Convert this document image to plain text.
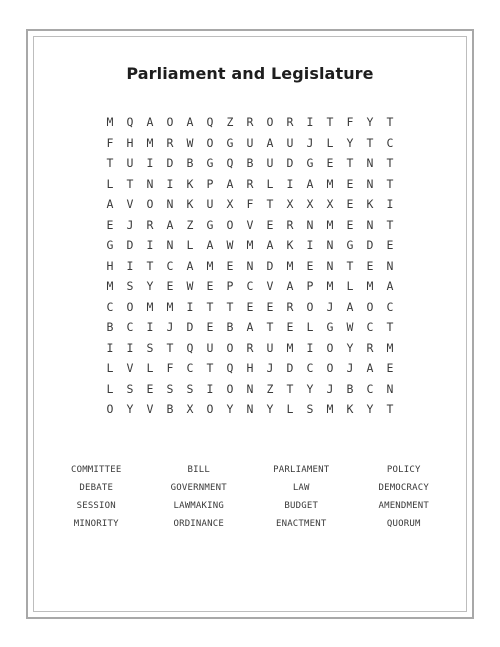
Parliament and Legislature
M	Q	A	O	A	Q	Z	R	O	R	I	T	F	Y	T
F	H	M	R	W	O	G	U	A	U	J	L	Y	T	C
T	U	I	D	B	G	Q	B	U	D	G	E	T	N	T
L	T	N	I	K	P	A	R	L	I	A	M	E	N	T
A	V	O	N	K	U	X	F	T	X	X	X	E	K	I
E	J	R	A	Z	G	O	V	E	R	N	M	E	N	T
G	D	I	N	L	A	W	M	A	K	I	N	G	D	E
H	I	T	C	A	M	E	N	D	M	E	N	T	E	N
M	S	Y	E	W	E	P	C	V	A	P	M	L	M	A
C	O	M	M	I	T	T	E	E	R	O	J	A	O	C
B	C	I	J	D	E	B	A	T	E	L	G	W	C	T
I	I	S	T	Q	U	O	R	U	M	I	O	Y	R	M
L	V	L	F	C	T	Q	H	J	D	C	O	J	A	E
L	S	E	S	S	I	O	N	Z	T	Y	J	B	C	N
O	Y	V	B	X	O	Y	N	Y	L	S	M	K	Y	T
COMMITTEE	BILL	PARLIAMENT	POLICY
DEBATE	GOVERNMENT	LAW	DEMOCRACY
SESSION	LAWMAKING	BUDGET	AMENDMENT
MINORITY	ORDINANCE	ENACTMENT	QUORUM
